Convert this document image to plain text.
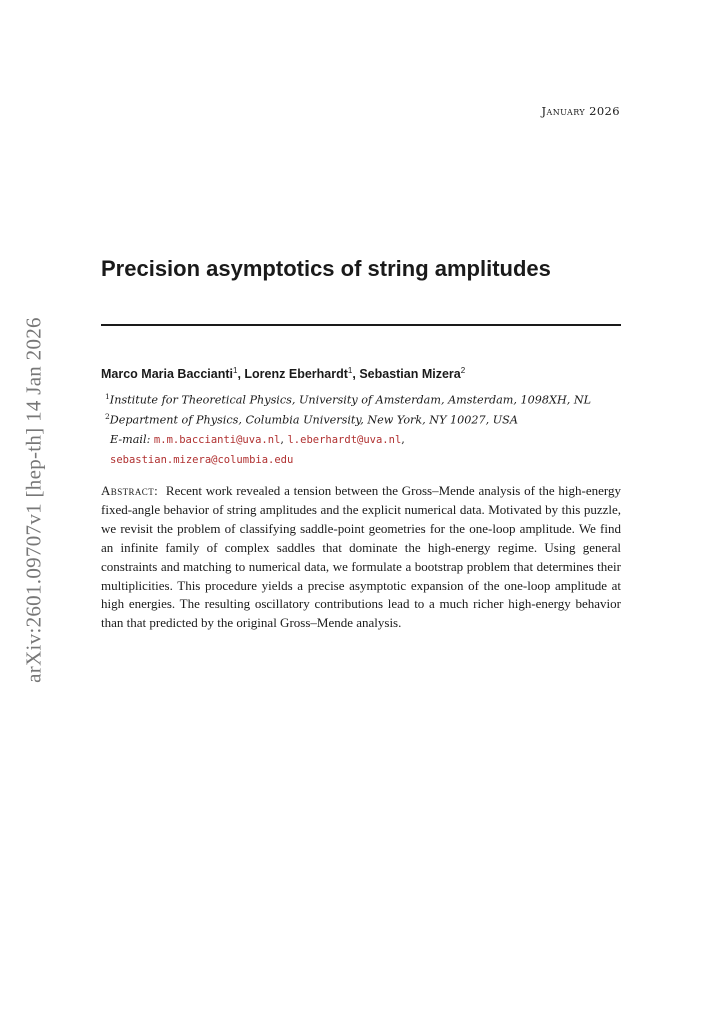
January 2026
arXiv:2601.09707v1 [hep-th] 14 Jan 2026
Precision asymptotics of string amplitudes
Marco Maria Baccianti$^1$, Lorenz Eberhardt$^1$, Sebastian Mizera$^2$
$^1$Institute for Theoretical Physics, University of Amsterdam, Amsterdam, 1098XH, NL
$^2$Department of Physics, Columbia University, New York, NY 10027, USA
E-mail: m.m.baccianti@uva.nl, l.eberhardt@uva.nl,
sebastian.mizera@columbia.edu

Abstract: Recent work revealed a tension between the Gross–Mende analysis of the high-energy fixed-angle behavior of string amplitudes and the explicit numerical data. Motivated by this puzzle, we revisit the problem of classifying saddle-point geometries for the one-loop amplitude. We find an infinite family of complex saddles that dominate the high-energy regime. Using general constraints and matching to numerical data, we formulate a bootstrap problem that determines their multiplicities. This procedure yields a precise asymptotic expansion of the one-loop amplitude at high energies. The resulting oscillatory contributions lead to a much richer high-energy behavior than that predicted by the original Gross–Mende analysis.
